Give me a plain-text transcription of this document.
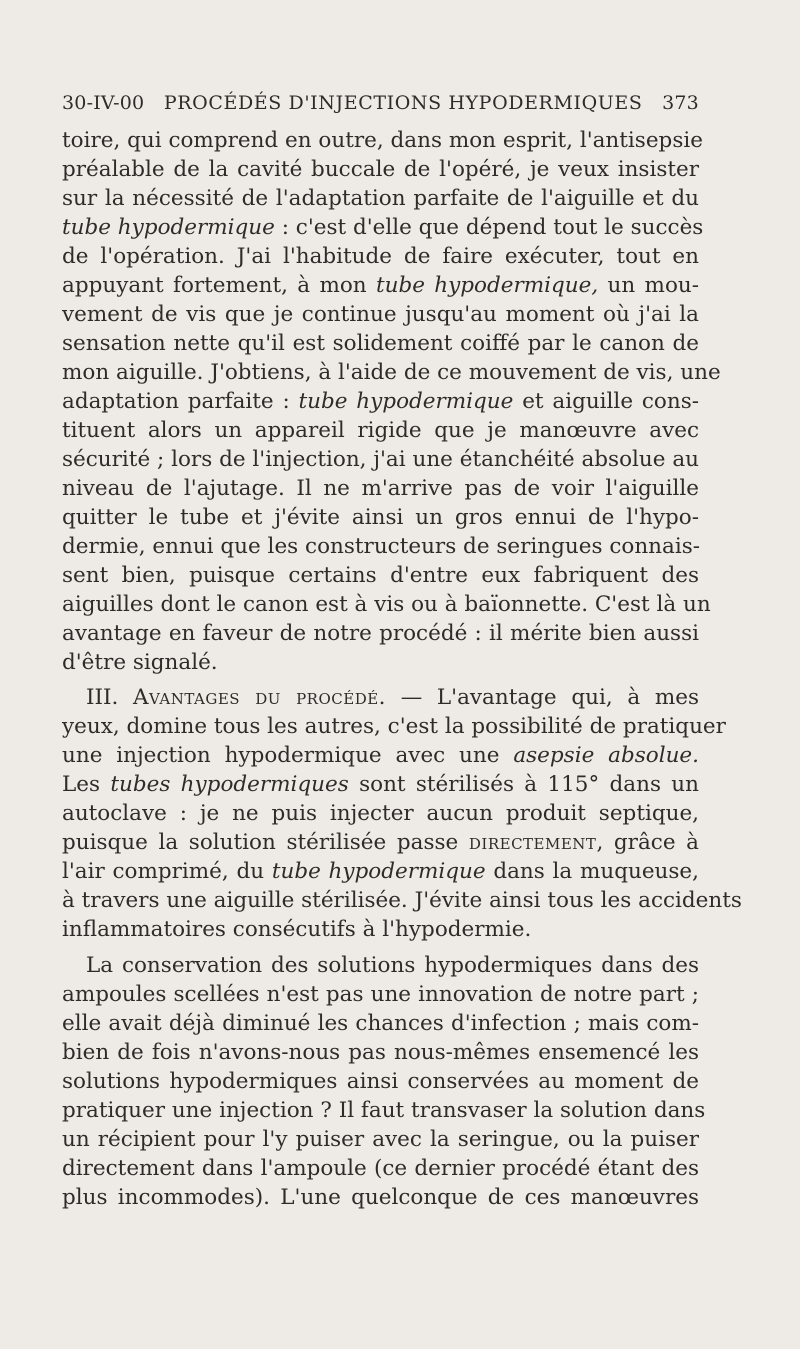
30-IV-00 PROCÉDÉS D'INJECTIONS HYPODERMIQUES 373
toire, qui comprend en outre, dans mon esprit, l'antisepsie
préalable de la cavité buccale de l'opéré, je veux insister
sur la nécessité de l'adaptation parfaite de l'aiguille et du
tube hypodermique : c'est d'elle que dépend tout le succès
de l'opération. J'ai l'habitude de faire exécuter, tout en
appuyant fortement, à mon tube hypodermique, un mou-
vement de vis que je continue jusqu'au moment où j'ai la
sensation nette qu'il est solidement coiffé par le canon de
mon aiguille. J'obtiens, à l'aide de ce mouvement de vis, une
adaptation parfaite : tube hypodermique et aiguille cons-
tituent alors un appareil rigide que je manœuvre avec
sécurité ; lors de l'injection, j'ai une étanchéité absolue au
niveau de l'ajutage. Il ne m'arrive pas de voir l'aiguille
quitter le tube et j'évite ainsi un gros ennui de l'hypo-
dermie, ennui que les constructeurs de seringues connais-
sent bien, puisque certains d'entre eux fabriquent des
aiguilles dont le canon est à vis ou à baïonnette. C'est là un
avantage en faveur de notre procédé : il mérite bien aussi
d'être signalé.
III. Avantages du procédé. — L'avantage qui, à mes
yeux, domine tous les autres, c'est la possibilité de pratiquer
une injection hypodermique avec une asepsie absolue.
Les tubes hypodermiques sont stérilisés à 115° dans un
autoclave : je ne puis injecter aucun produit septique,
puisque la solution stérilisée passe directement, grâce à
l'air comprimé, du tube hypodermique dans la muqueuse,
à travers une aiguille stérilisée. J'évite ainsi tous les accidents
inflammatoires consécutifs à l'hypodermie.
La conservation des solutions hypodermiques dans des
ampoules scellées n'est pas une innovation de notre part ;
elle avait déjà diminué les chances d'infection ; mais com-
bien de fois n'avons-nous pas nous-mêmes ensemencé les
solutions hypodermiques ainsi conservées au moment de
pratiquer une injection ? Il faut transvaser la solution dans
un récipient pour l'y puiser avec la seringue, ou la puiser
directement dans l'ampoule (ce dernier procédé étant des
plus incommodes). L'une quelconque de ces manœuvres
